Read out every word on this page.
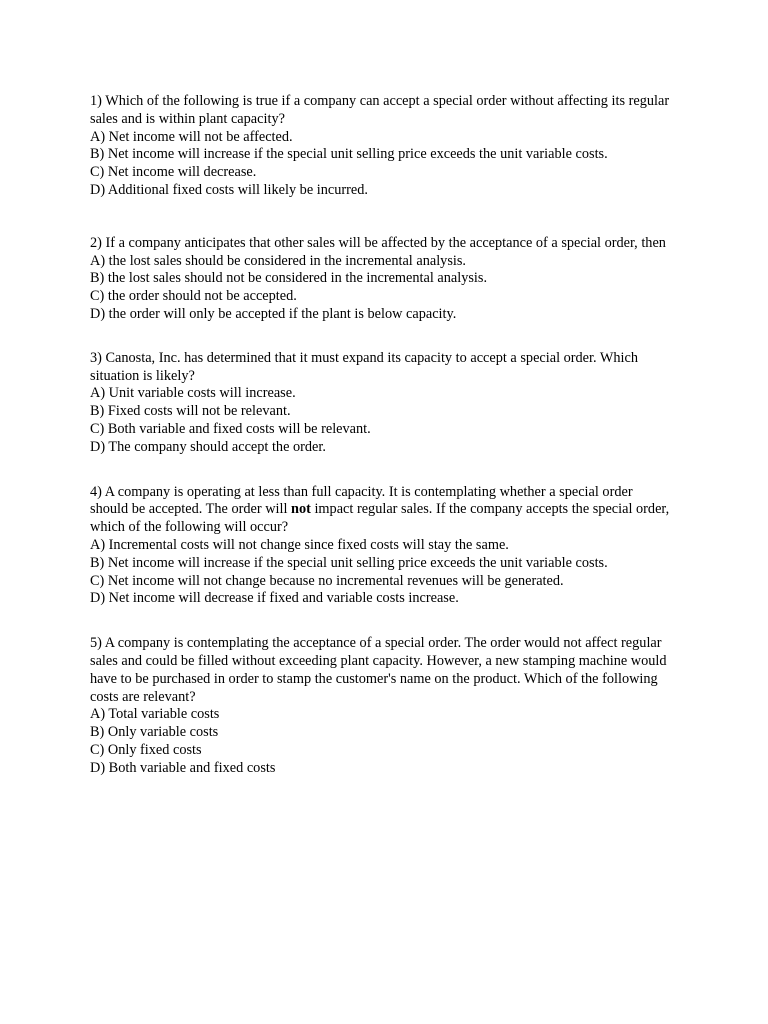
1) Which of the following is true if a company can accept a special order without affecting its regular sales and is within plant capacity?

A) Net income will not be affected.

B) Net income will increase if the special unit selling price exceeds the unit variable costs.

C) Net income will decrease.

D) Additional fixed costs will likely be incurred.

2) If a company anticipates that other sales will be affected by the acceptance of a special order, then

A) the lost sales should be considered in the incremental analysis.

B) the lost sales should not be considered in the incremental analysis.

C) the order should not be accepted.

D) the order will only be accepted if the plant is below capacity.

3) Canosta, Inc. has determined that it must expand its capacity to accept a special order. Which situation is likely?

A) Unit variable costs will increase.

B) Fixed costs will not be relevant.

C) Both variable and fixed costs will be relevant.

D) The company should accept the order.

4) A company is operating at less than full capacity. It is contemplating whether a special order should be accepted. The order will not impact regular sales. If the company accepts the special order, which of the following will occur?

A) Incremental costs will not change since fixed costs will stay the same.

B) Net income will increase if the special unit selling price exceeds the unit variable costs.

C) Net income will not change because no incremental revenues will be generated.

D) Net income will decrease if fixed and variable costs increase.

5) A company is contemplating the acceptance of a special order. The order would not affect regular sales and could be filled without exceeding plant capacity. However, a new stamping machine would have to be purchased in order to stamp the customer's name on the product. Which of the following costs are relevant?

A) Total variable costs

B) Only variable costs

C) Only fixed costs

D) Both variable and fixed costs
